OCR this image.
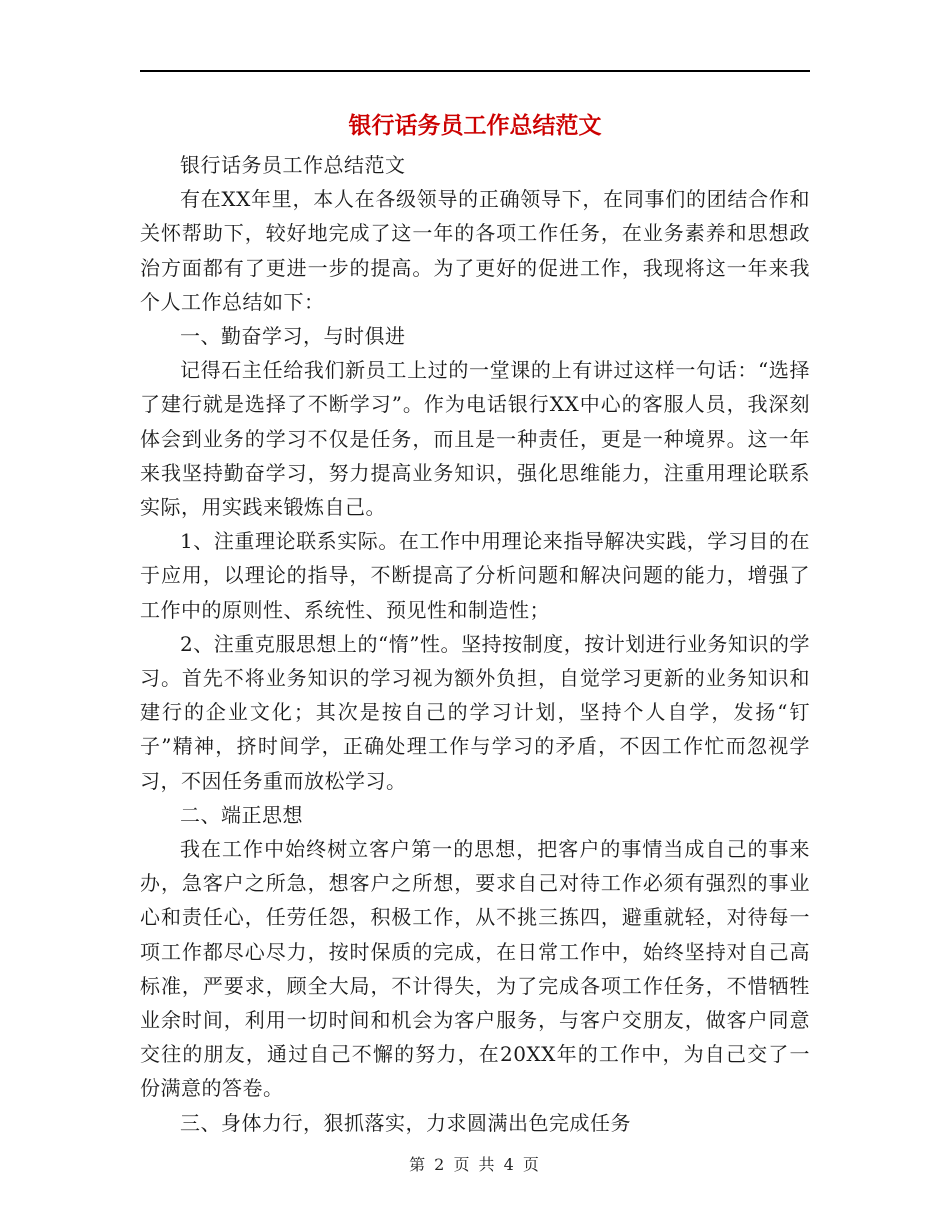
银行话务员工作总结范文

银行话务员工作总结范文

有在XX年里，本人在各级领导的正确领导下，在同事们的团结合作和关怀帮助下，较好地完成了这一年的各项工作任务，在业务素养和思想政治方面都有了更进一步的提高。为了更好的促进工作，我现将这一年来我个人工作总结如下：

一、勤奋学习，与时俱进

记得石主任给我们新员工上过的一堂课的上有讲过这样一句话：“选择了建行就是选择了不断学习”。作为电话银行XX中心的客服人员，我深刻体会到业务的学习不仅是任务，而且是一种责任，更是一种境界。这一年来我坚持勤奋学习，努力提高业务知识，强化思维能力，注重用理论联系实际，用实践来锻炼自己。

1、注重理论联系实际。在工作中用理论来指导解决实践，学习目的在于应用，以理论的指导，不断提高了分析问题和解决问题的能力，增强了工作中的原则性、系统性、预见性和制造性；

2、注重克服思想上的“惰”性。坚持按制度，按计划进行业务知识的学习。首先不将业务知识的学习视为额外负担，自觉学习更新的业务知识和建行的企业文化；其次是按自己的学习计划，坚持个人自学，发扬“钉子”精神，挤时间学，正确处理工作与学习的矛盾，不因工作忙而忽视学习，不因任务重而放松学习。

二、端正思想

我在工作中始终树立客户第一的思想，把客户的事情当成自己的事来办，急客户之所急，想客户之所想，要求自己对待工作必须有强烈的事业心和责任心，任劳任怨，积极工作，从不挑三拣四，避重就轻，对待每一项工作都尽心尽力，按时保质的完成，在日常工作中，始终坚持对自己高标准，严要求，顾全大局，不计得失，为了完成各项工作任务，不惜牺牲业余时间，利用一切时间和机会为客户服务，与客户交朋友，做客户同意交往的朋友，通过自己不懈的努力，在20XX年的工作中，为自己交了一份满意的答卷。

三、身体力行，狠抓落实，力求圆满出色完成任务

第 2 页 共 4 页
